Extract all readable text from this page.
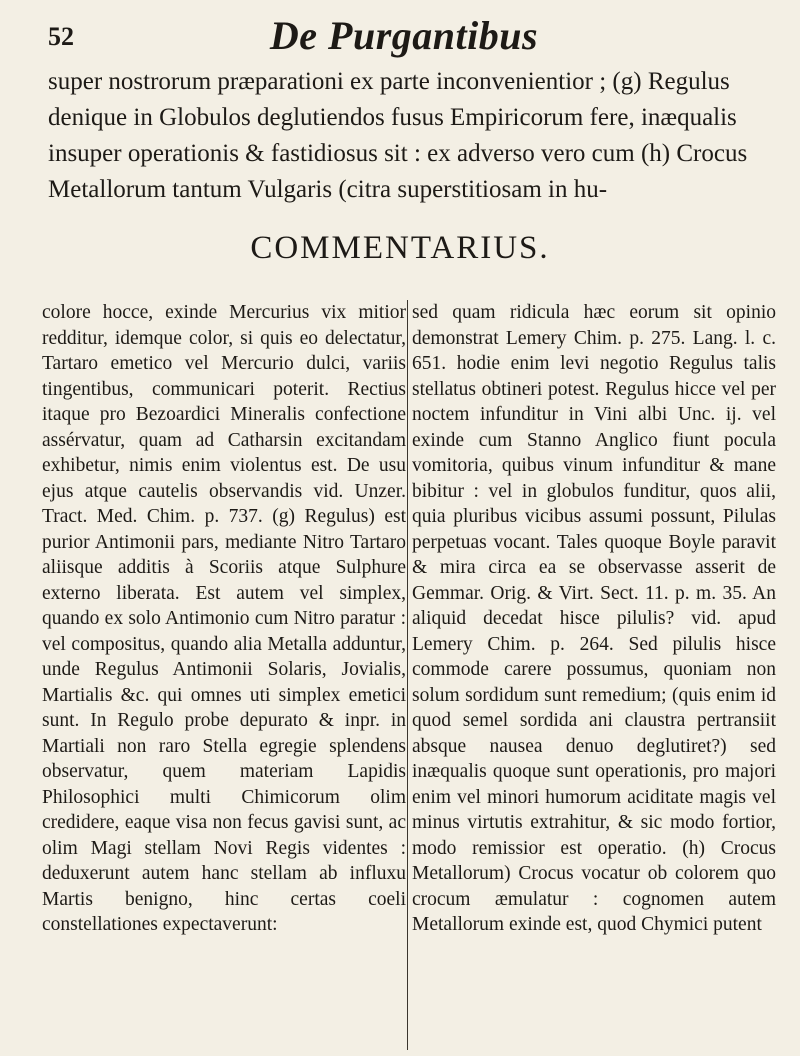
52	De Purgantibus

super nostrorum præparationi ex parte inconvenientior ; (g) Regulus denique in Globulos deglutiendos fusus Empiricorum fere, inæqualis insuper operationis & fastidiosus sit : ex adverso vero cum (h) Crocus Metallorum tantum Vulgaris (citra superstitiosam in hu-

COMMENTARIUS.

colore hocce, exinde Mercurius vix mitior redditur, idemque color, si quis eo delectatur, Tartaro emetico vel Mercurio dulci, variis tingentibus, communicari poterit. Rectius itaque pro Bezoardici Mineralis confectione assérvatur, quam ad Catharsin excitandam exhibetur, nimis enim violentus est. De usu ejus atque cautelis observandis vid. Unzer. Tract. Med. Chim. p. 737. (g) Regulus) est purior Antimonii pars, mediante Nitro Tartaro aliisque additis à Scoriis atque Sulphure externo liberata. Est autem vel simplex, quando ex solo Antimonio cum Nitro paratur : vel compositus, quando alia Metalla adduntur, unde Regulus Antimonii Solaris, Jovialis, Martialis &c. qui omnes uti simplex emetici sunt. In Regulo probe depurato & inpr. in Martiali non raro Stella egregie splendens observatur, quem materiam Lapidis Philosophici multi Chimicorum olim credidere, eaque visa non fecus gavisi sunt, ac olim Magi stellam Novi Regis videntes : deduxerunt autem hanc stellam ab influxu Martis benigno, hinc certas coeli constellationes expectaverunt:

sed quam ridicula hæc eorum sit opinio demonstrat Lemery Chim. p. 275. Lang. l. c. 651. hodie enim levi negotio Regulus talis stellatus obtineri potest. Regulus hicce vel per noctem infunditur in Vini albi Unc. ij. vel exinde cum Stanno Anglico fiunt pocula vomitoria, quibus vinum infunditur & mane bibitur : vel in globulos funditur, quos alii, quia pluribus vicibus assumi possunt, Pilulas perpetuas vocant. Tales quoque Boyle paravit & mira circa ea se observasse asserit de Gemmar. Orig. & Virt. Sect. 11. p. m. 35. An aliquid decedat hisce pilulis? vid. apud Lemery Chim. p. 264. Sed pilulis hisce commode carere possumus, quoniam non solum sordidum sunt remedium; (quis enim id quod semel sordida ani claustra pertransiit absque nausea denuo deglutiret?) sed inæqualis quoque sunt operationis, pro majori enim vel minori humorum aciditate magis vel minus virtutis extrahitur, & sic modo fortior, modo remissior est operatio. (h) Crocus Metallorum) Crocus vocatur ob colorem quo crocum æmulatur : cognomen autem Metallorum exinde est, quod Chymici putent
